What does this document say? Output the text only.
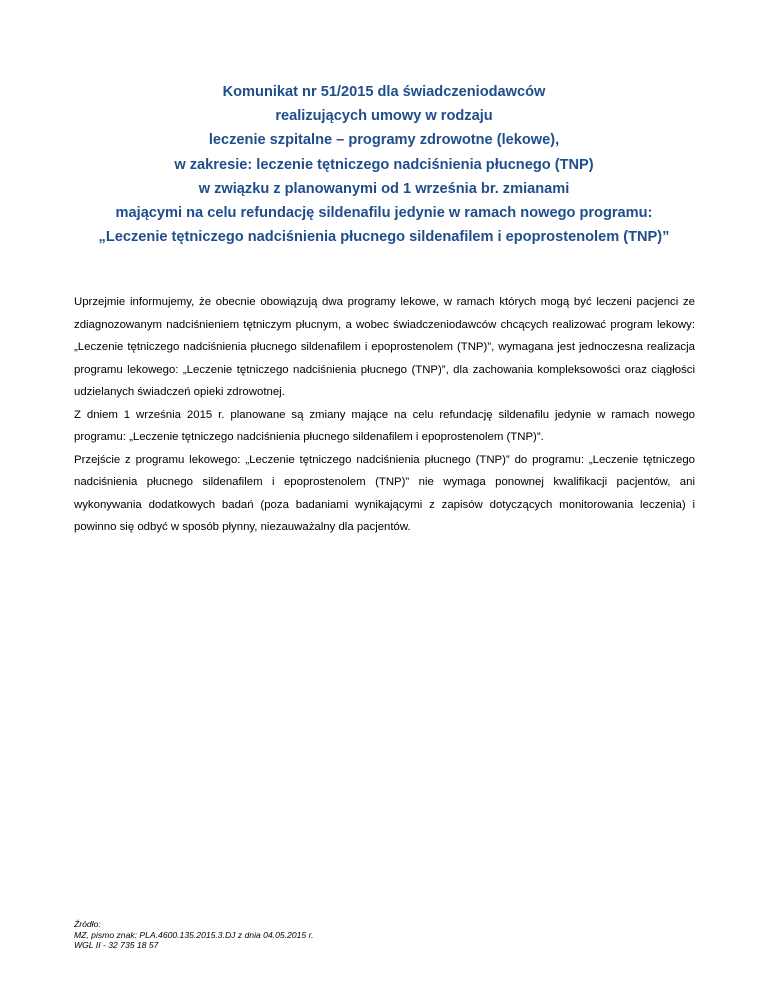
Komunikat nr 51/2015 dla świadczeniodawców
realizujących umowy w rodzaju
leczenie szpitalne – programy zdrowotne (lekowe),
w zakresie: leczenie tętniczego nadciśnienia płucnego (TNP)
w związku z planowanymi od 1 września br. zmianami
mającymi na celu refundację sildenafilu jedynie w ramach nowego programu:
„Leczenie tętniczego nadciśnienia płucnego sildenafilem i epoprostenolem (TNP)”

Uprzejmie informujemy, że obecnie obowiązują dwa programy lekowe, w ramach których mogą być leczeni pacjenci ze zdiagnozowanym nadciśnieniem tętniczym płucnym, a wobec świadczeniodawców chcących realizować program lekowy: „Leczenie tętniczego nadciśnienia płucnego sildenafilem i epoprostenolem (TNP)”, wymagana jest jednoczesna realizacja programu lekowego: „Leczenie tętniczego nadciśnienia płucnego (TNP)”, dla zachowania kompleksowości oraz ciągłości udzielanych świadczeń opieki zdrowotnej.

Z dniem 1 września 2015 r. planowane są zmiany mające na celu refundację sildenafilu jedynie w ramach nowego programu: „Leczenie tętniczego nadciśnienia płucnego sildenafilem i epoprostenolem (TNP)”.

Przejście z programu lekowego: „Leczenie tętniczego nadciśnienia płucnego (TNP)” do programu: „Leczenie tętniczego nadciśnienia płucnego sildenafilem i epoprostenolem (TNP)” nie wymaga ponownej kwalifikacji pacjentów, ani wykonywania dodatkowych badań (poza badaniami wynikającymi z zapisów dotyczących monitorowania leczenia) i powinno się odbyć w sposób płynny, niezauważalny dla pacjentów.

Źródło:
MZ, pismo znak: PLA.4600.135.2015.3.DJ z dnia 04.05.2015 r.
WGL II - 32 735 18 57
